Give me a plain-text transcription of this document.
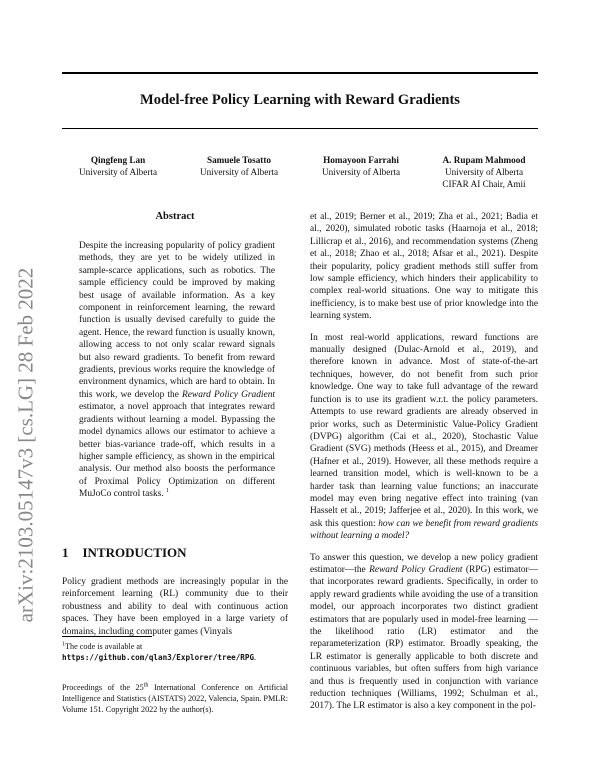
Model-free Policy Learning with Reward Gradients
Qingfeng Lan
University of Alberta
Samuele Tosatto
University of Alberta
Homayoon Farrahi
University of Alberta
A. Rupam Mahmood
University of Alberta
CIFAR AI Chair, Amii
arXiv:2103.05147v3 [cs.LG] 28 Feb 2022
Abstract
Despite the increasing popularity of policy gradient methods, they are yet to be widely utilized in sample-scarce applications, such as robotics. The sample efficiency could be improved by making best usage of available information. As a key component in reinforcement learning, the reward function is usually devised carefully to guide the agent. Hence, the reward function is usually known, allowing access to not only scalar reward signals but also reward gradients. To benefit from reward gradients, previous works require the knowledge of environment dynamics, which are hard to obtain. In this work, we develop the Reward Policy Gradient estimator, a novel approach that integrates reward gradients without learning a model. Bypassing the model dynamics allows our estimator to achieve a better bias-variance trade-off, which results in a higher sample efficiency, as shown in the empirical analysis. Our method also boosts the performance of Proximal Policy Optimization on different MuJoCo control tasks. $^1$
1 INTRODUCTION
Policy gradient methods are increasingly popular in the reinforcement learning (RL) community due to their robustness and ability to deal with continuous action spaces. They have been employed in a large variety of domains, including computer games (Vinyals
$^1$The code is available at https://github.com/qlan3/Explorer/tree/RPG.
Proceedings of the 25th International Conference on Artificial Intelligence and Statistics (AISTATS) 2022, Valencia, Spain. PMLR: Volume 151. Copyright 2022 by the author(s).

et al., 2019; Berner et al., 2019; Zha et al., 2021; Badia et al., 2020), simulated robotic tasks (Haarnoja et al., 2018; Lillicrap et al., 2016), and recommendation systems (Zheng et al., 2018; Zhao et al., 2018; Afsar et al., 2021). Despite their popularity, policy gradient methods still suffer from low sample efficiency, which hinders their applicability to complex real-world situations. One way to mitigate this inefficiency, is to make best use of prior knowledge into the learning system.

In most real-world applications, reward functions are manually designed (Dulac-Arnold et al., 2019), and therefore known in advance. Most of state-of-the-art techniques, however, do not benefit from such prior knowledge. One way to take full advantage of the reward function is to use its gradient w.r.t. the policy parameters. Attempts to use reward gradients are already observed in prior works, such as Deterministic Value-Policy Gradient (DVPG) algorithm (Cai et al., 2020), Stochastic Value Gradient (SVG) methods (Heess et al., 2015), and Dreamer (Hafner et al., 2019). However, all these methods require a learned transition model, which is well-known to be a harder task than learning value functions; an inaccurate model may even bring negative effect into training (van Hasselt et al., 2019; Jafferjee et al., 2020). In this work, we ask this question: how can we benefit from reward gradients without learning a model?

To answer this question, we develop a new policy gradient estimator—the Reward Policy Gradient (RPG) estimator—that incorporates reward gradients. Specifically, in order to apply reward gradients while avoiding the use of a transition model, our approach incorporates two distinct gradient estimators that are popularly used in model-free learning — the likelihood ratio (LR) estimator and the reparameterization (RP) estimator. Broadly speaking, the LR estimator is generally applicable to both discrete and continuous variables, but often suffers from high variance and thus is frequently used in conjunction with variance reduction techniques (Williams, 1992; Schulman et al., 2017). The LR estimator is also a key component in the pol-
